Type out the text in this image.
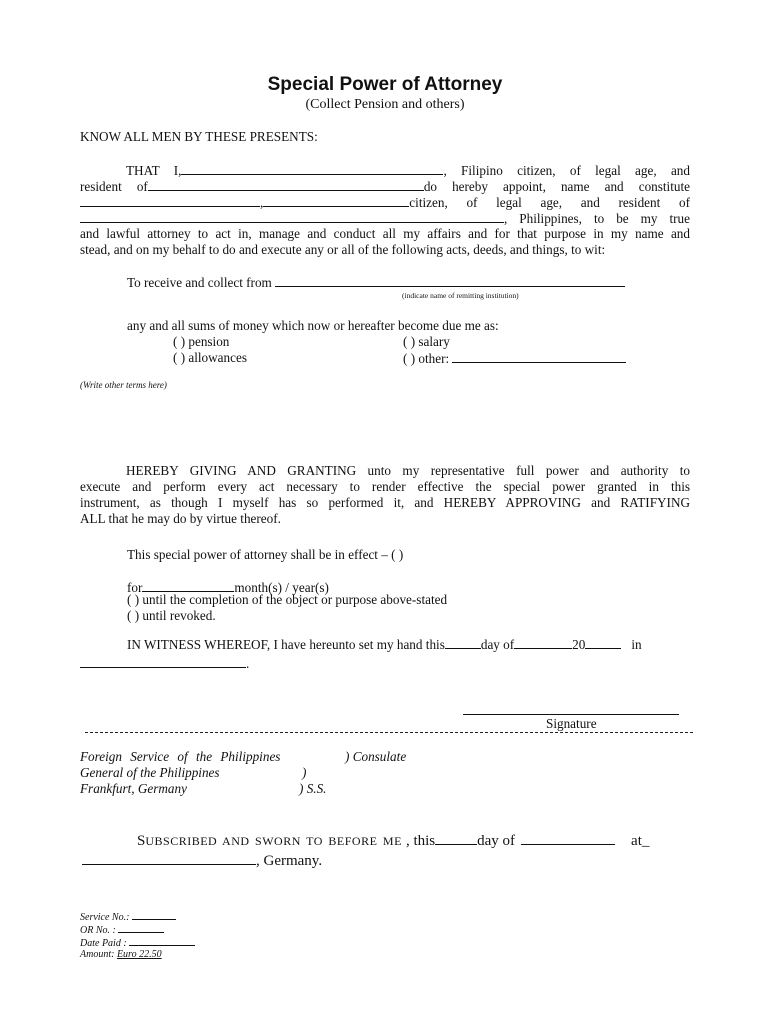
Special Power of Attorney
(Collect Pension and others)
KNOW ALL MEN BY THESE PRESENTS:
THAT I,	, Filipino citizen, of legal age, and
resident of	do hereby appoint, name and constitute
,	citizen, of legal age, and resident of
, Philippines, to be my true
and lawful attorney to act in, manage and conduct all my affairs and for that purpose in my name and
stead, and on my behalf to do and execute any or all of the following acts, deeds, and things, to wit:
To receive and collect from
(indicate name of remitting institution)
any and all sums of money which now or hereafter become due me as:
( ) pension	( ) salary
( ) allowances	( ) other:
(Write other terms here)
HEREBY GIVING AND GRANTING unto my representative full power and authority to
execute and perform every act necessary to render effective the special power granted in this
instrument, as though I myself has so performed it, and HEREBY APPROVING and RATIFYING
ALL that he may do by virtue thereof.
This special power of attorney shall be in effect – ( )
for	month(s) / year(s)
( ) until the completion of the object or purpose above-stated
( ) until revoked.
IN WITNESS WHEREOF, I have hereunto set my hand this	day of	20	in
.
Signature
Foreign Service of the Philippines	) Consulate
General of the Philippines	)
Frankfurt, Germany	) S.S.
SUBSCRIBED AND SWORN TO BEFORE ME , this	day of	at_
, Germany.
Service No.:
OR No. :
Date Paid :
Amount: Euro 22.50
